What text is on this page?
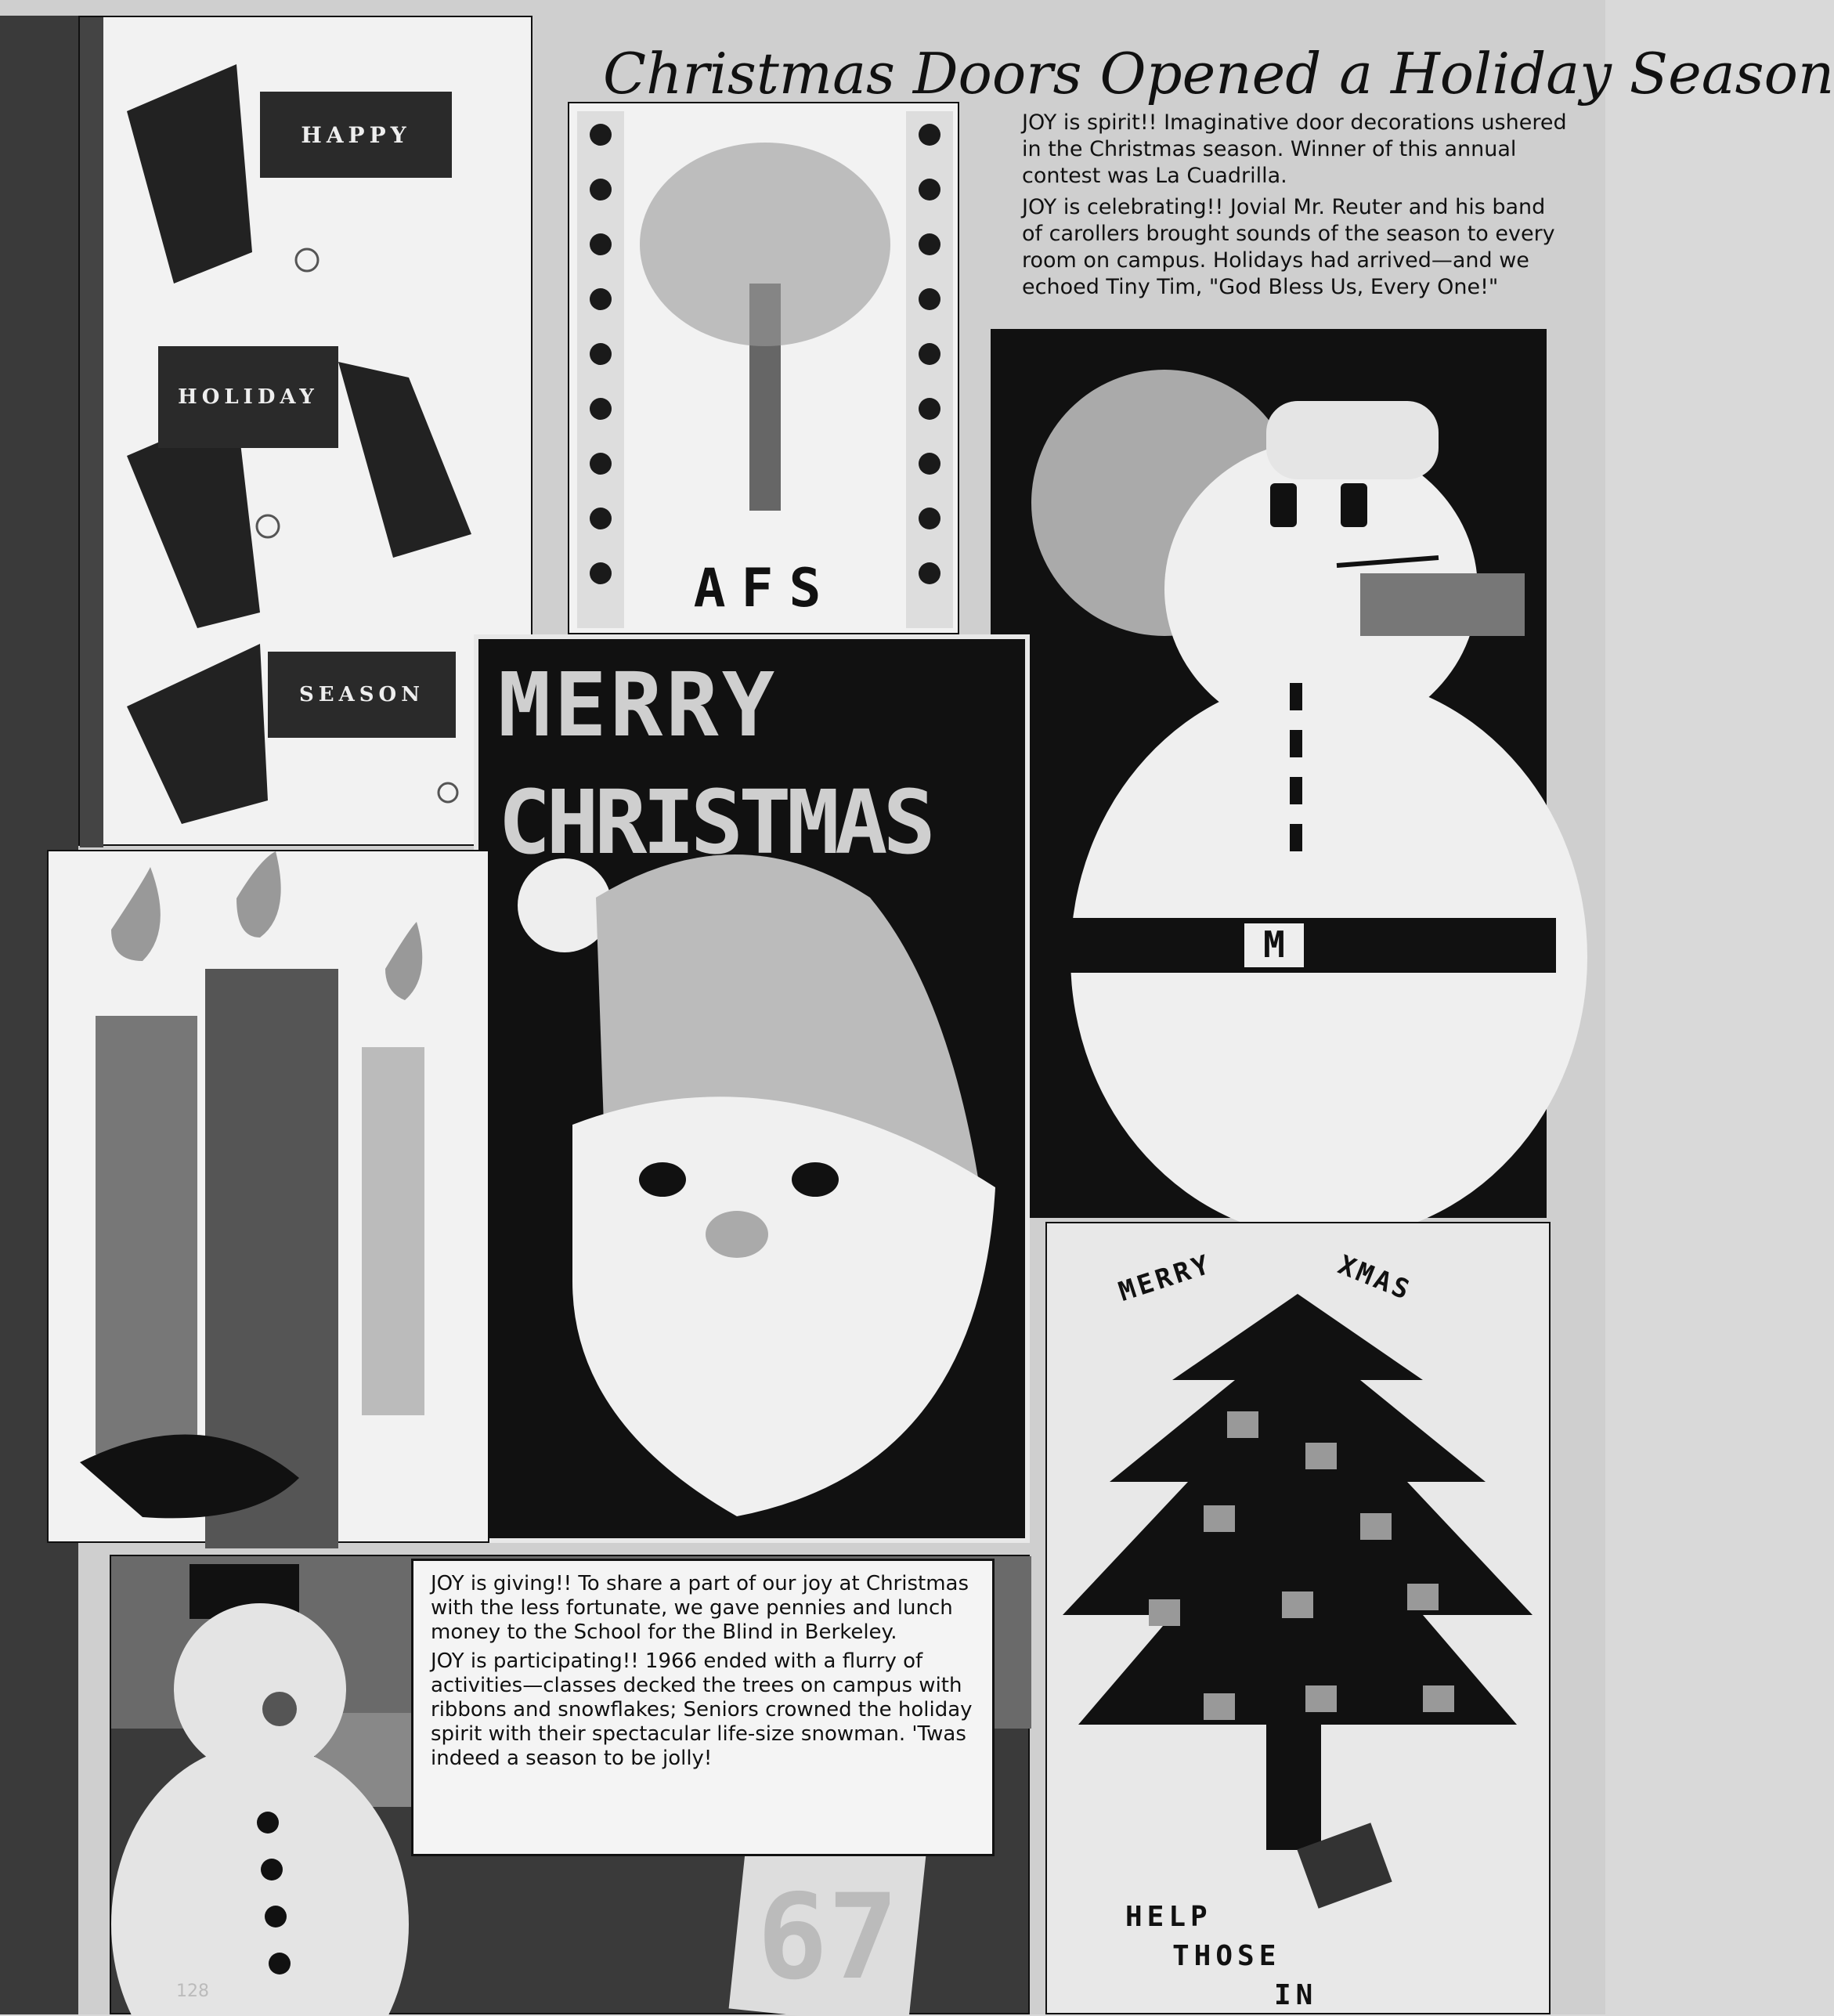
HAPPY
HOLIDAY
SEASON
AFS
Christmas Doors Opened a Holiday Season

JOY is spirit!! Imaginative door decorations ushered in the Christmas season. Winner of this annual contest was La Cuadrilla.

JOY is celebrating!! Jovial Mr. Reuter and his band of carollers brought sounds of the season to every room on campus. Holidays had arrived—and we echoed Tiny Tim, "God Bless Us, Every One!"

M
MERRY
CHRISTMAS
67

JOY is giving!! To share a part of our joy at Christmas with the less fortunate, we gave pennies and lunch money to the School for the Blind in Berkeley.

JOY is participating!! 1966 ended with a flurry of activities—classes decked the trees on campus with ribbons and snowflakes; Seniors crowned the holiday spirit with their spectacular life-size snowman. 'Twas indeed a season to be jolly!

MERRY	XMAS
HELP
THOSE
IN
128
